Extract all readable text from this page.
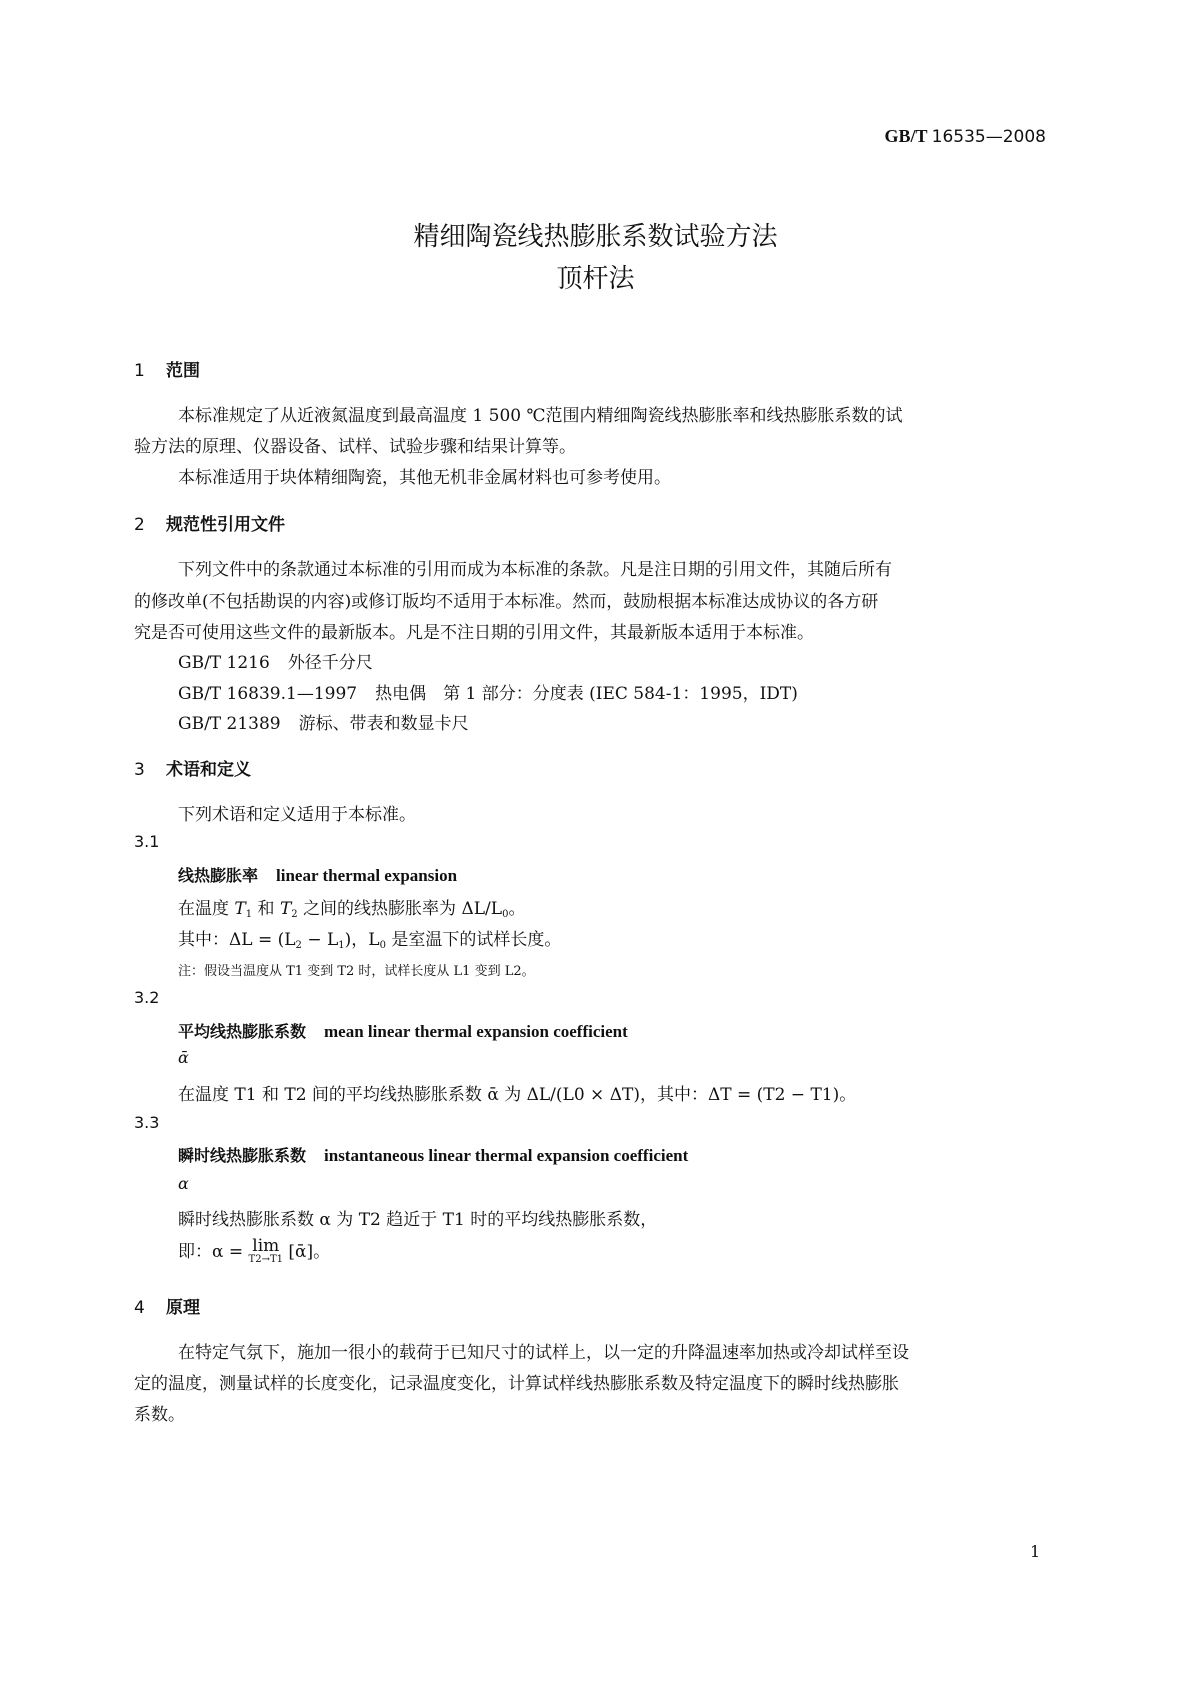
GB/T 16535—2008
精细陶瓷线热膨胀系数试验方法
顶杆法
1 范围
本标准规定了从近液氮温度到最高温度 1 500 ℃范围内精细陶瓷线热膨胀率和线热膨胀系数的试
验方法的原理、仪器设备、试样、试验步骤和结果计算等。
本标准适用于块体精细陶瓷，其他无机非金属材料也可参考使用。
2 规范性引用文件
下列文件中的条款通过本标准的引用而成为本标准的条款。凡是注日期的引用文件，其随后所有
的修改单(不包括勘误的内容)或修订版均不适用于本标准。然而，鼓励根据本标准达成协议的各方研
究是否可使用这些文件的最新版本。凡是不注日期的引用文件，其最新版本适用于本标准。
GB/T 1216 外径千分尺
GB/T 16839.1—1997 热电偶　第 1 部分：分度表 (IEC 584-1：1995，IDT)
GB/T 21389 游标、带表和数显卡尺
3 术语和定义
下列术语和定义适用于本标准。
3.1
线热膨胀率 linear thermal expansion
在温度 $T_1$ 和 $T_2$ 之间的线热膨胀率为 $\Delta L/L_0$。
其中：$\Delta L = (L_2 - L_1)$，$L_0$ 是室温下的试样长度。
注：假设当温度从 T1 变到 T2 时，试样长度从 L1 变到 L2。
3.2
平均线热膨胀系数 mean linear thermal expansion coefficient
ᾱ
在温度 T1 和 T2 间的平均线热膨胀系数 ᾱ 为 ΔL/(L0 × ΔT)，其中：ΔT = (T2 − T1)。
3.3
瞬时线热膨胀系数 instantaneous linear thermal expansion coefficient
α
瞬时线热膨胀系数 α 为 T2 趋近于 T1 时的平均线热膨胀系数，
即：α = lim
T2→T1 [ᾱ]。
4 原理
在特定气氛下，施加一很小的载荷于已知尺寸的试样上，以一定的升降温速率加热或冷却试样至设
定的温度，测量试样的长度变化，记录温度变化，计算试样线热膨胀系数及特定温度下的瞬时线热膨胀
系数。
1
